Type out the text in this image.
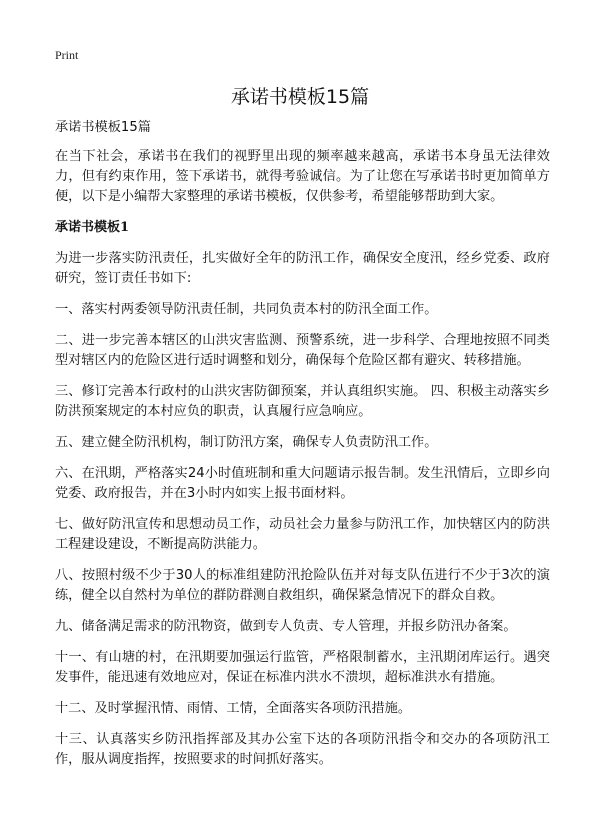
Print
承诺书模板15篇

承诺书模板15篇

在当下社会，承诺书在我们的视野里出现的频率越来越高，承诺书本身虽无法律效力，但有约束作用，签下承诺书，就得考验诚信。为了让您在写承诺书时更加简单方便，以下是小编帮大家整理的承诺书模板，仅供参考，希望能够帮助到大家。

承诺书模板1

为进一步落实防汛责任，扎实做好全年的防汛工作，确保安全度汛，经乡党委、政府研究，签订责任书如下:

一、落实村两委领导防汛责任制，共同负责本村的防汛全面工作。

二、进一步完善本辖区的山洪灾害监测、预警系统，进一步科学、合理地按照不同类型对辖区内的危险区进行适时调整和划分，确保每个危险区都有避灾、转移措施。

三、修订完善本行政村的山洪灾害防御预案，并认真组织实施。 四、积极主动落实乡防洪预案规定的本村应负的职责，认真履行应急响应。

五、建立健全防汛机构，制订防汛方案，确保专人负责防汛工作。

六、在汛期，严格落实24小时值班制和重大问题请示报告制。发生汛情后，立即乡向党委、政府报告，并在3小时内如实上报书面材料。

七、做好防汛宣传和思想动员工作，动员社会力量参与防汛工作，加快辖区内的防洪工程建设建设，不断提高防洪能力。

八、按照村级不少于30人的标准组建防汛抢险队伍并对每支队伍进行不少于3次的演练，健全以自然村为单位的群防群测自救组织，确保紧急情况下的群众自救。

九、储备满足需求的防汛物资，做到专人负责、专人管理，并报乡防汛办备案。

十一、有山塘的村，在汛期要加强运行监管，严格限制蓄水，主汛期闭库运行。遇突发事件，能迅速有效地应对，保证在标准内洪水不溃坝，超标准洪水有措施。

十二、及时掌握汛情、雨情、工情，全面落实各项防汛措施。

十三、认真落实乡防汛指挥部及其办公室下达的各项防汛指令和交办的各项防汛工作，服从调度指挥，按照要求的时间抓好落实。
